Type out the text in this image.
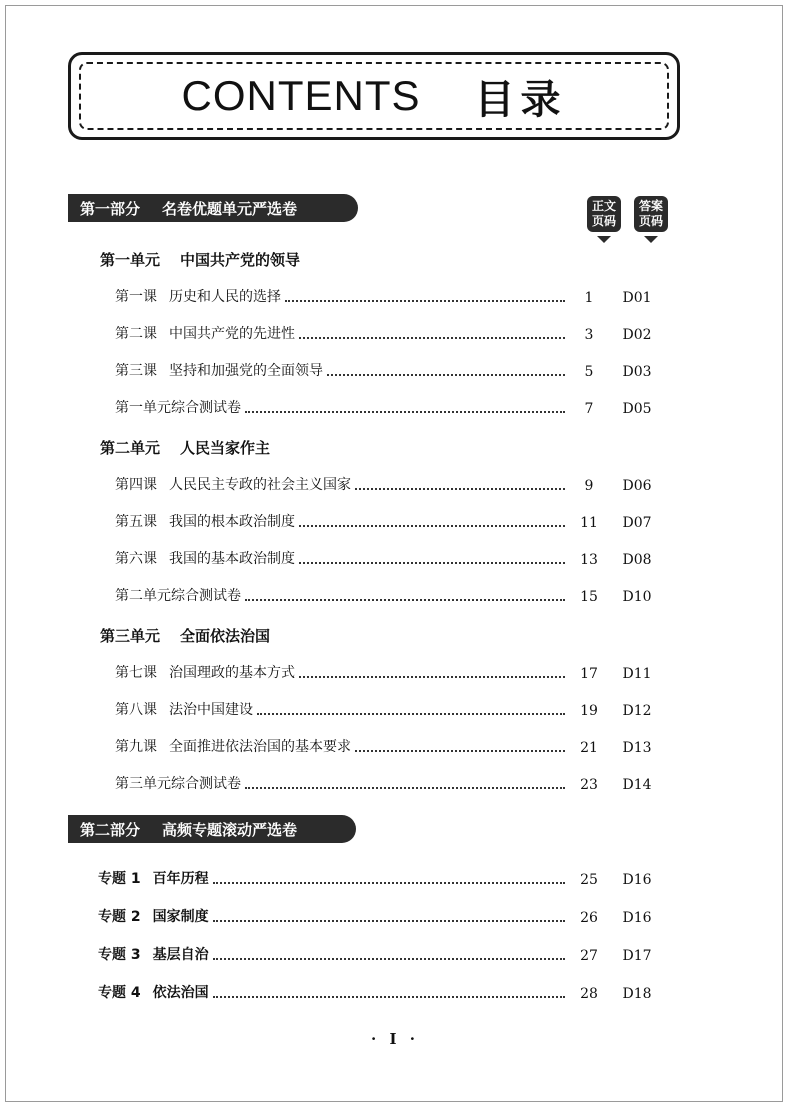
CONTENTS 目录
第一部分 名卷优题单元严选卷	正文
页码
答案
页码
第一单元 中国共产党的领导
第一课 历史和人民的选择	1	D01
第二课 中国共产党的先进性	3	D02
第三课 坚持和加强党的全面领导	5	D03
第一单元综合测试卷	7	D05
第二单元 人民当家作主
第四课 人民民主专政的社会主义国家	9	D06
第五课 我国的根本政治制度	11	D07
第六课 我国的基本政治制度	13	D08
第二单元综合测试卷	15	D10
第三单元 全面依法治国
第七课 治国理政的基本方式	17	D11
第八课 法治中国建设	19	D12
第九课 全面推进依法治国的基本要求	21	D13
第三单元综合测试卷	23	D14
第二部分 高频专题滚动严选卷
专题 1 百年历程	25	D16
专题 2 国家制度	26	D16
专题 3 基层自治	27	D17
专题 4 依法治国	28	D18
· I ·
